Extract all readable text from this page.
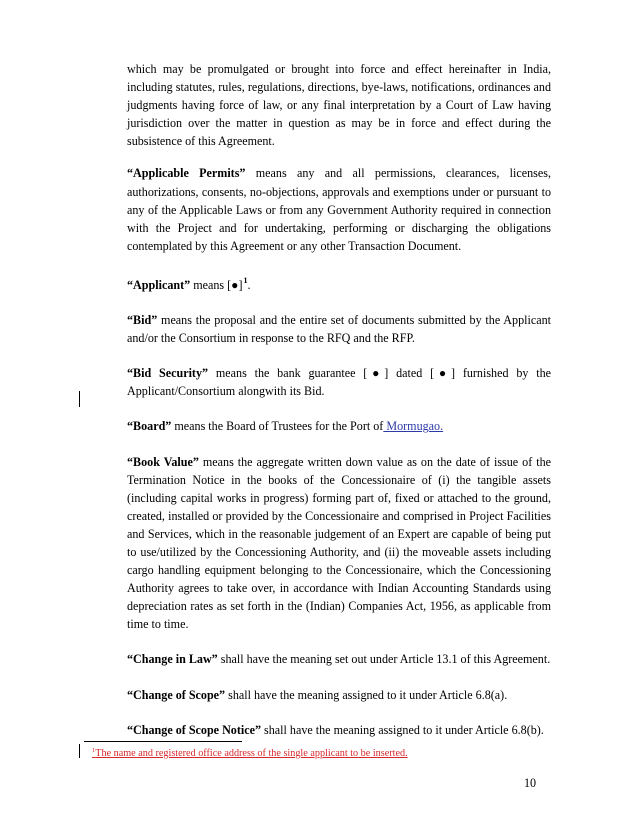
which may be promulgated or brought into force and effect hereinafter in India, including statutes, rules, regulations, directions, bye-laws, notifications, ordinances and judgments having force of law, or any final interpretation by a Court of Law having jurisdiction over the matter in question as may be in force and effect during the subsistence of this Agreement.

“Applicable Permits” means any and all permissions, clearances, licenses, authorizations, consents, no-objections, approvals and exemptions under or pursuant to any of the Applicable Laws or from any Government Authority required in connection with the Project and for undertaking, performing or discharging the obligations contemplated by this Agreement or any other Transaction Document.

“Applicant” means [●]$^1$.

“Bid” means the proposal and the entire set of documents submitted by the Applicant and/or the Consortium in response to the RFQ and the RFP.

“Bid Security” means the bank guarantee [●] dated [●] furnished by the Applicant/Consortium alongwith its Bid.

“Board” means the Board of Trustees for the Port of Mormugao.

“Book Value” means the aggregate written down value as on the date of issue of the Termination Notice in the books of the Concessionaire of (i) the tangible assets (including capital works in progress) forming part of, fixed or attached to the ground, created, installed or provided by the Concessionaire and comprised in Project Facilities and Services, which in the reasonable judgement of an Expert are capable of being put to use/utilized by the Concessioning Authority, and (ii) the moveable assets including cargo handling equipment belonging to the Concessionaire, which the Concessioning Authority agrees to take over, in accordance with Indian Accounting Standards using depreciation rates as set forth in the (Indian) Companies Act, 1956, as applicable from time to time.

“Change in Law” shall have the meaning set out under Article 13.1 of this Agreement.

“Change of Scope” shall have the meaning assigned to it under Article 6.8(a).

“Change of Scope Notice” shall have the meaning assigned to it under Article 6.8(b).

$^1$The name and registered office address of the single applicant to be inserted.
10
